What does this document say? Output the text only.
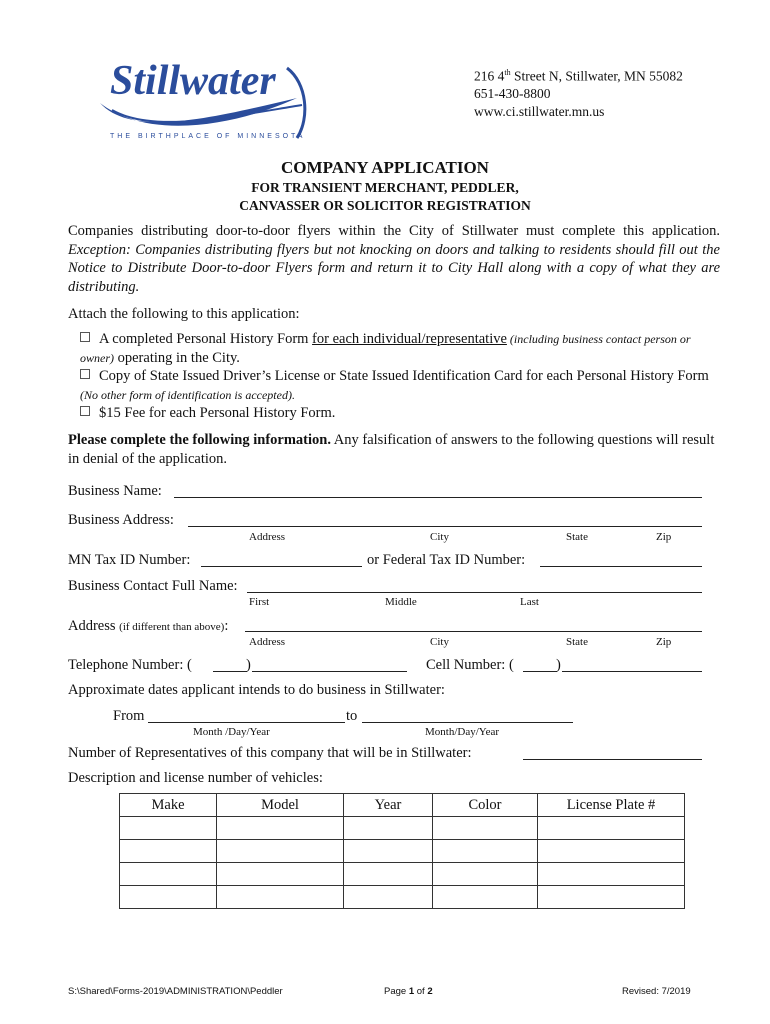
Stillwater
THE BIRTHPLACE OF MINNESOTA
216 4th Street N, Stillwater, MN 55082
651-430-8800
www.ci.stillwater.mn.us
COMPANY APPLICATION
FOR TRANSIENT MERCHANT, PEDDLER,
CANVASSER OR SOLICITOR REGISTRATION
Companies distributing door-to-door flyers within the City of Stillwater must complete this application. Exception: Companies distributing flyers but not knocking on doors and talking to residents should fill out the Notice to Distribute Door-to-door Flyers form and return it to City Hall along with a copy of what they are distributing.
Attach the following to this application:
A completed Personal History Form for each individual/representative (including business contact person or owner) operating in the City.
Copy of State Issued Driver’s License or State Issued Identification Card for each Personal History Form (No other form of identification is accepted).
$15 Fee for each Personal History Form.
Please complete the following information. Any falsification of answers to the following questions will result in denial of the application.
Business Name:
Business Address:
Address	City	State	Zip
MN Tax ID Number:	or Federal Tax ID Number:
Business Contact Full Name:
First	Middle	Last
Address (if different than above):
Address	City	State	Zip
Telephone Number: (	)	Cell Number: (	)
Approximate dates applicant intends to do business in Stillwater:
From	to
Month /Day/Year	Month/Day/Year
Number of Representatives of this company that will be in Stillwater:
Description and license number of vehicles:
Make	Model	Year	Color	License Plate #

S:\Shared\Forms-2019\ADMINISTRATION\Peddler	Page 1 of 2	Revised: 7/2019
